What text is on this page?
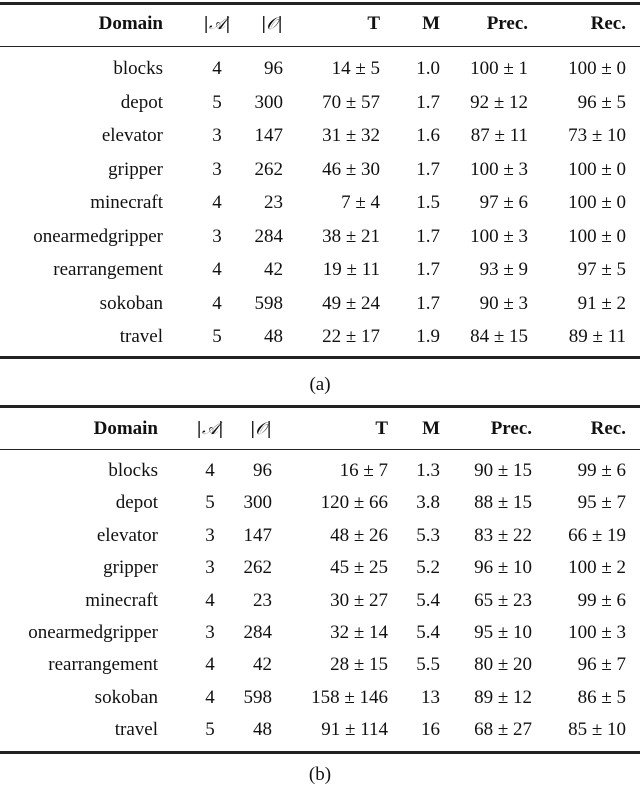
Domain	|𝒜|	|𝒪|	T	M	Prec.	Rec.
blocks	4	96	14 ± 5	1.0	100 ± 1	100 ± 0
depot	5	300	70 ± 57	1.7	92 ± 12	96 ± 5
elevator	3	147	31 ± 32	1.6	87 ± 11	73 ± 10
gripper	3	262	46 ± 30	1.7	100 ± 3	100 ± 0
minecraft	4	23	7 ± 4	1.5	97 ± 6	100 ± 0
onearmedgripper	3	284	38 ± 21	1.7	100 ± 3	100 ± 0
rearrangement	4	42	19 ± 11	1.7	93 ± 9	97 ± 5
sokoban	4	598	49 ± 24	1.7	90 ± 3	91 ± 2
travel	5	48	22 ± 17	1.9	84 ± 15	89 ± 11
(a)
Domain	|𝒜|	|𝒪|	T	M	Prec.	Rec.
blocks	4	96	16 ± 7	1.3	90 ± 15	99 ± 6
depot	5	300	120 ± 66	3.8	88 ± 15	95 ± 7
elevator	3	147	48 ± 26	5.3	83 ± 22	66 ± 19
gripper	3	262	45 ± 25	5.2	96 ± 10	100 ± 2
minecraft	4	23	30 ± 27	5.4	65 ± 23	99 ± 6
onearmedgripper	3	284	32 ± 14	5.4	95 ± 10	100 ± 3
rearrangement	4	42	28 ± 15	5.5	80 ± 20	96 ± 7
sokoban	4	598	158 ± 146	13	89 ± 12	86 ± 5
travel	5	48	91 ± 114	16	68 ± 27	85 ± 10
(b)
